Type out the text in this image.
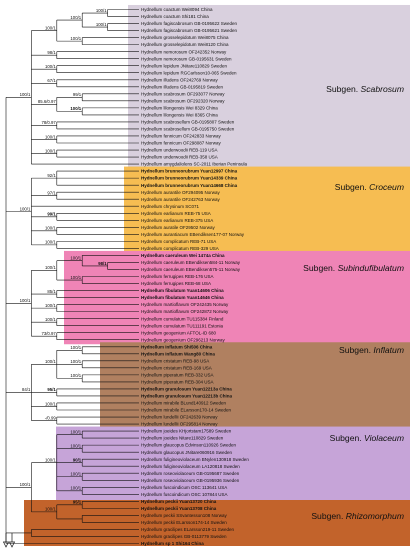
Hydnellum coactum Wei8094 China
Hydnellum coactum Shi181 China
Hydnellum fagiscabrosum GB-0195622 Sweden
Hydnellum fagiscabrosum GB-0195621 Sweden
Hydnellum grosselepidotum Wei8075 China
Hydnellum grosselepidotum Wei8120 China
Hydnellum nemorosum OF242352 Norway
Hydnellum nemorosum GB-0195631 Sweden
Hydnellum lepidum JNitare110829 Sweden
Hydnellum lepidum RGCarlsson10-065 Sweden
Hydnellum illudens OF242769 Norway
Hydnellum illudens GB-0195819 Sweden
Hydnellum scabrosum OF293077 Norway
Hydnellum scabrosum OF292320 Norway
Hydnellum lilongensis Wei 8329 China
Hydnellum lilongensis Wei 8365 China
Hydnellum scabrosellum GB-0195807 Sweden
Hydnellum scabrosellum GB-0195750 Sweden
Hydnellum fennicum OF242833 Norway
Hydnellum fennicum OF298087 Norway
Hydnellum underwoodii REB-119 USA
Hydnellum underwoodii REB-358 USA
Hydnellum amygdaliolens SC-2011 Iberian Peninsula
Hydnellum brunneorubrum Yuan12997 China
Hydnellum brunneorubrum Yuan14339 China
Hydnellum brunneorubrum Yuan14668 China
Hydnellum aurantile OF294095 Norway
Hydnellum aurantile OF242763 Norway
Hydnellum chrysinum SC071
Hydnellum earlianum REB-75 USA
Hydnellum earlianum REB-375 USA
Hydnellum auratile OF29502 Norway
Hydnellum aurantiacum EBendiksen177-07 Norway
Hydnellum complicatum REB-71 USA
Hydnellum complicatum REB-329 USA
Hydnellum caeruleum Wei 1474a China
Hydnellum caeruleum EBendiksen584-11 Norway
Hydnellum caeruleum EBendiksen575-11 Norway
Hydnellum ferrugipes REB-176 USA
Hydnellum ferrugipes REB-68 USA
Hydnellum fibulatum Yuan14606 China
Hydnellum fibulatum Yuan14646 China
Hydnellum martioflavum OF242435 Norway
Hydnellum martioflavum OF242872 Norway
Hydnellum cumulatum TU115384 Finland
Hydnellum cumulatum TU111191 Estonia
Hydnellum geogenium AFTOL-ID 680
Hydnellum geogenium OF296213 Norway
Hydnellum inflatum Shi506 China
Hydnellum inflatum Wang80 China
Hydnellum cristatum REB-98 USA
Hydnellum cristatum REB-169 USA
Hydnellum piperatum REB-332 USA
Hydnellum piperatum REB-304 USA
Hydnellum granulosum Yuan12213a China
Hydnellum granulosum Yuan12213b China
Hydnellum mirabile BLund140912 Sweden
Hydnellum mirabile ELarsson170-14 Sweden
Hydnellum lundellii OF242639 Norway
Hydnellum lundellii OF295814 Norway
Hydnellum joeides KHjortstam17589 Sweden
Hydnellum joeides Nitare110829 Sweden
Hydnellum glaucopus Edvinson110926 Sweden
Hydnellum glaucopus JNitare060916 Sweden
Hydnellum fuligineoviolaceum BNylen130918 Sweden
Hydnellum fuligineoviolaceum LA120818 Sweden
Hydnellum roseoviolaceum GB-0195687 Sweden
Hydnellum roseoviolaceum GB-0195936 Sweden
Hydnellum fuscoindicum OSC 113641 USA
Hydnellum fuscoindicum OSC 107844 USA
Hydnellum peckii Yuan13720 China
Hydnellum peckii Yuan13708 China
Hydnellum peckii SSvantesson108 Norway
Hydnellum peckii ELarsson174-14 Sweden
Hydnellum gracilipes ELarsson219-11 Sweden
Hydnellum gracilipes GB-0113779 Sweden
Hydnellum sp 1 Shi164 China
100/1
100/1
100/1
100/1
100/1
98/1
100/1
67/1
99/1
100/1
85.6/0.97
100/1
78/0.97
100/1
100/1
92/1
97/1
100/1
99/1
100/1
100/1
100/1
98/1
100/1
100/1
85/1
100/1
100/1
100/1
73/0.97
100/1
100/1
100/1
100/1
95/1
84/1
100/1
-/0.99
100/1
100/1
90/1
100/1
100/1
100/1
100/1
95/1
100/1
Subgen. Scabrosum
Subgen. Croceum
Subgen. Subindufibulatum
Subgen. Inflatum
Subgen. Violaceum
Subgen. Rhizomorphum
